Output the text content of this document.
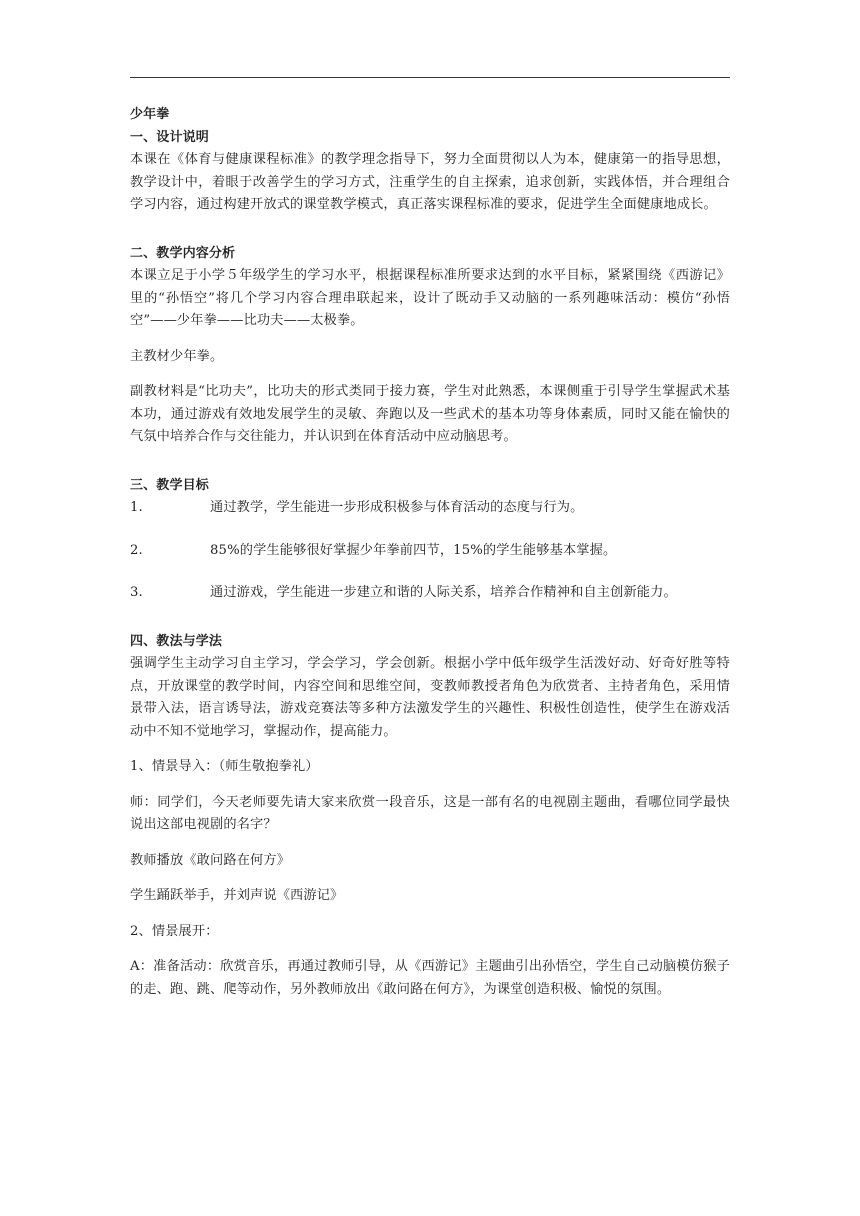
少年拳

一、设计说明

本课在《体育与健康课程标准》的教学理念指导下，努力全面贯彻以人为本，健康第一的指导思想，教学设计中，着眼于改善学生的学习方式，注重学生的自主探索，追求创新，实践体悟，并合理组合学习内容，通过构建开放式的课堂教学模式，真正落实课程标准的要求，促进学生全面健康地成长。

二、教学内容分析

本课立足于小学５年级学生的学习水平，根据课程标准所要求达到的水平目标，紧紧围绕《西游记》里的“孙悟空”将几个学习内容合理串联起来，设计了既动手又动脑的一系列趣味活动：模仿“孙悟空”——少年拳——比功夫——太极拳。

主教材少年拳。

副教材料是“比功夫”，比功夫的形式类同于接力赛，学生对此熟悉，本课侧重于引导学生掌握武术基本功，通过游戏有效地发展学生的灵敏、奔跑以及一些武术的基本功等身体素质，同时又能在愉快的气氛中培养合作与交往能力，并认识到在体育活动中应动脑思考。

三、教学目标

1.	通过教学，学生能进一步形成积极参与体育活动的态度与行为。
2.	85%的学生能够很好掌握少年拳前四节，15%的学生能够基本掌握。
3.	通过游戏，学生能进一步建立和谐的人际关系，培养合作精神和自主创新能力。

四、教法与学法

强调学生主动学习自主学习，学会学习，学会创新。根据小学中低年级学生活泼好动、好奇好胜等特点，开放课堂的教学时间，内容空间和思维空间，变教师教授者角色为欣赏者、主持者角色，采用情景带入法，语言诱导法，游戏竞赛法等多种方法激发学生的兴趣性、积极性创造性，使学生在游戏活动中不知不觉地学习，掌握动作，提高能力。

1、情景导入：（师生敬抱拳礼）

师：同学们，今天老师要先请大家来欣赏一段音乐，这是一部有名的电视剧主题曲，看哪位同学最快说出这部电视剧的名字？

教师播放《敢问路在何方》

学生踊跃举手，并刘声说《西游记》

2、情景展开：

A：准备活动：欣赏音乐，再通过教师引导，从《西游记》主题曲引出孙悟空，学生自己动脑模仿猴子的走、跑、跳、爬等动作，另外教师放出《敢问路在何方》，为课堂创造积极、愉悦的氛围。
